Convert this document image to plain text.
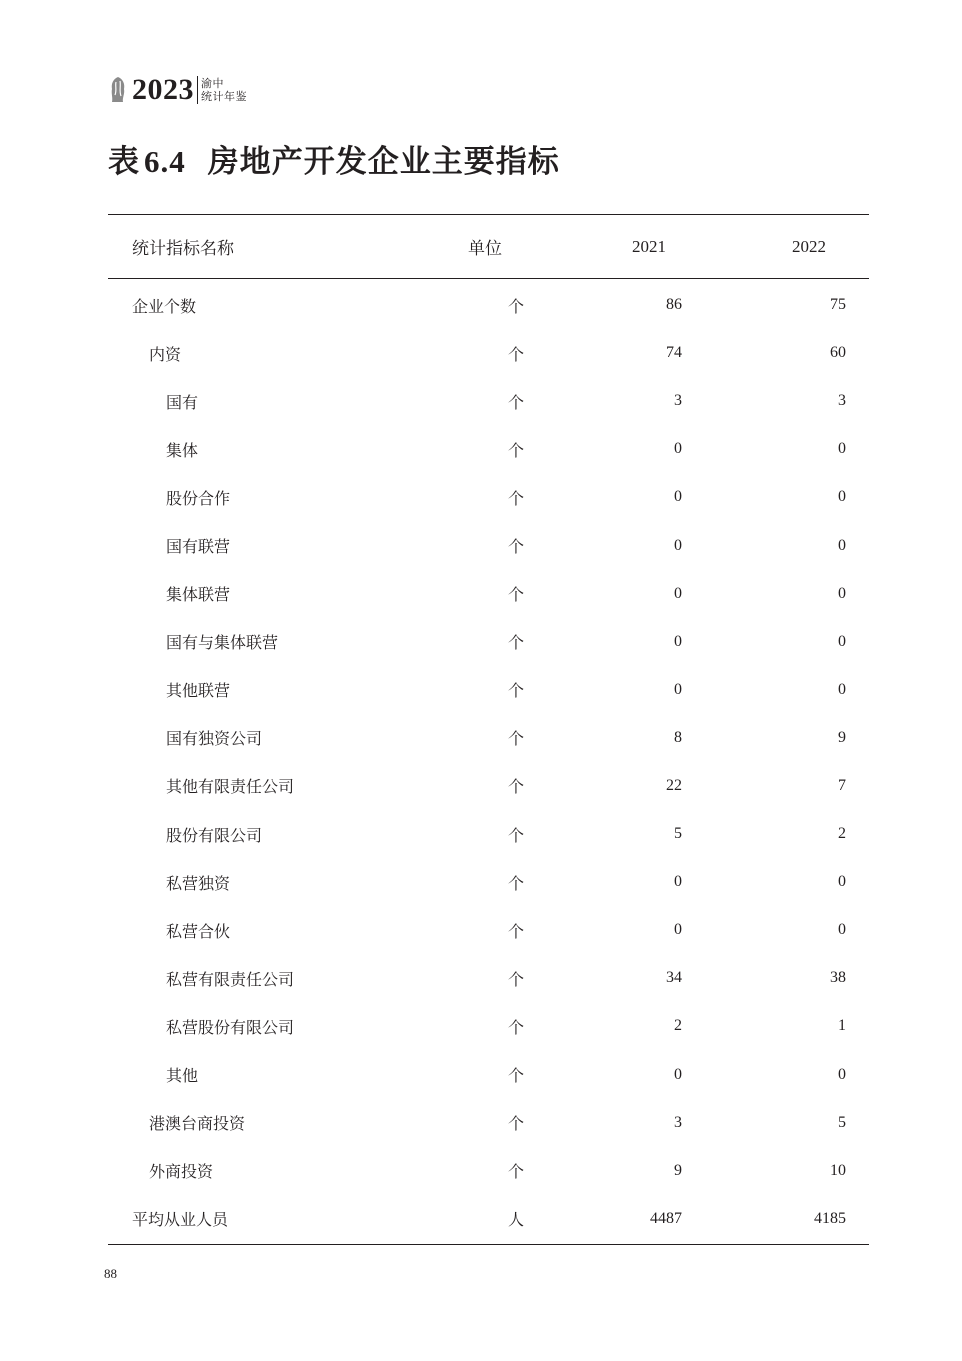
2023 渝中
统计年鉴
表 6.4 房地产开发企业主要指标
统计指标名称	单位	2021	2022
企业个数	个	86	75
内资	个	74	60
国有	个	3	3
集体	个	0	0
股份合作	个	0	0
国有联营	个	0	0
集体联营	个	0	0
国有与集体联营	个	0	0
其他联营	个	0	0
国有独资公司	个	8	9
其他有限责任公司	个	22	7
股份有限公司	个	5	2
私营独资	个	0	0
私营合伙	个	0	0
私营有限责任公司	个	34	38
私营股份有限公司	个	2	1
其他	个	0	0
港澳台商投资	个	3	5
外商投资	个	9	10
平均从业人员	人	4487	4185
88
